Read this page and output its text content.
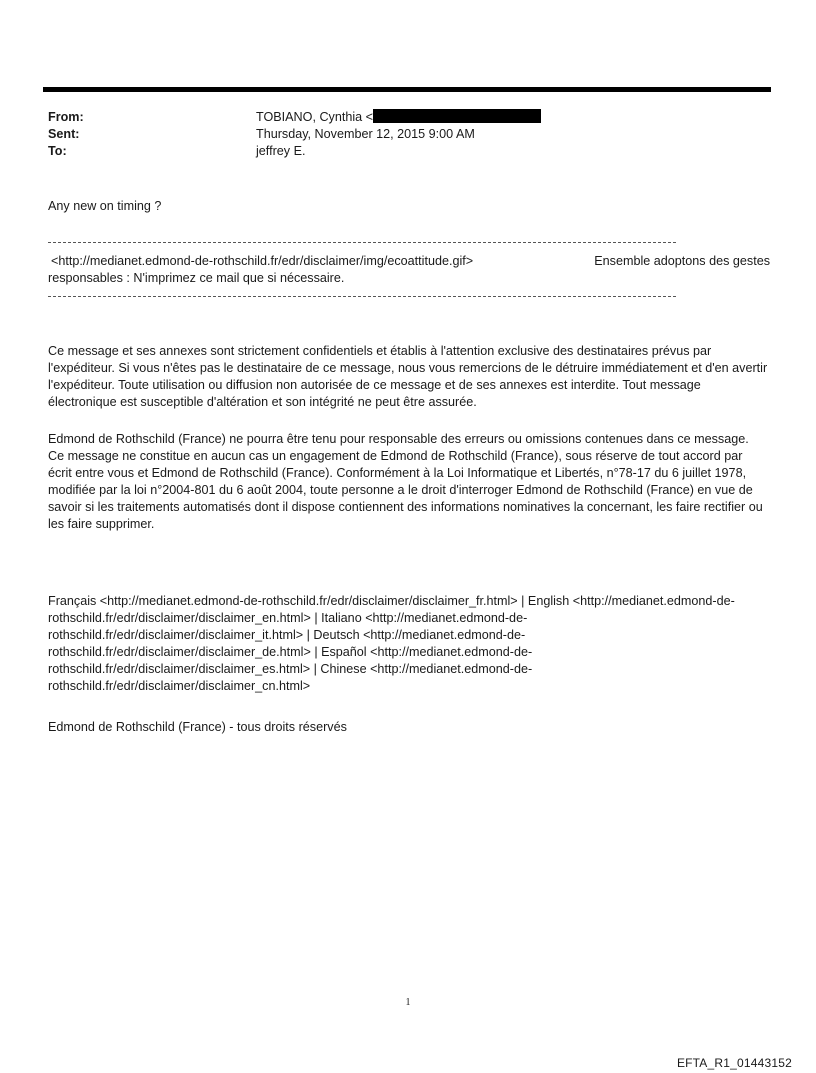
From:	TOBIANO, Cynthia <
Sent:	Thursday, November 12, 2015 9:00 AM
To:	jeffrey E.

Any new on timing ?

<http://medianet.edmond-de-rothschild.fr/edr/disclaimer/img/ecoattitude.gif>	Ensemble adoptons des gestes
responsables : N'imprimez ce mail que si nécessaire.

Ce message et ses annexes sont strictement confidentiels et établis à l'attention exclusive des destinataires prévus par l'expéditeur. Si vous n'êtes pas le destinataire de ce message, nous vous remercions de le détruire immédiatement et d'en avertir l'expéditeur. Toute utilisation ou diffusion non autorisée de ce message et de ses annexes est interdite. Tout message électronique est susceptible d'altération et son intégrité ne peut être assurée.

Edmond de Rothschild (France) ne pourra être tenu pour responsable des erreurs ou omissions contenues dans ce message. Ce message ne constitue en aucun cas un engagement de Edmond de Rothschild (France), sous réserve de tout accord par écrit entre vous et Edmond de Rothschild (France). Conformément à la Loi Informatique et Libertés, n°78-17 du 6 juillet 1978, modifiée par la loi n°2004-801 du 6 août 2004, toute personne a le droit d'interroger Edmond de Rothschild (France) en vue de savoir si les traitements automatisés dont il dispose contiennent des informations nominatives la concernant, les faire rectifier ou les faire supprimer.

Français <http://medianet.edmond-de-rothschild.fr/edr/disclaimer/disclaimer_fr.html> | English <http://medianet.edmond-de-rothschild.fr/edr/disclaimer/disclaimer_en.html> | Italiano <http://medianet.edmond-de-rothschild.fr/edr/disclaimer/disclaimer_it.html> | Deutsch <http://medianet.edmond-de-rothschild.fr/edr/disclaimer/disclaimer_de.html> | Español <http://medianet.edmond-de-rothschild.fr/edr/disclaimer/disclaimer_es.html> | Chinese <http://medianet.edmond-de-rothschild.fr/edr/disclaimer/disclaimer_cn.html>

Edmond de Rothschild (France) - tous droits réservés

1
EFTA_R1_01443152
